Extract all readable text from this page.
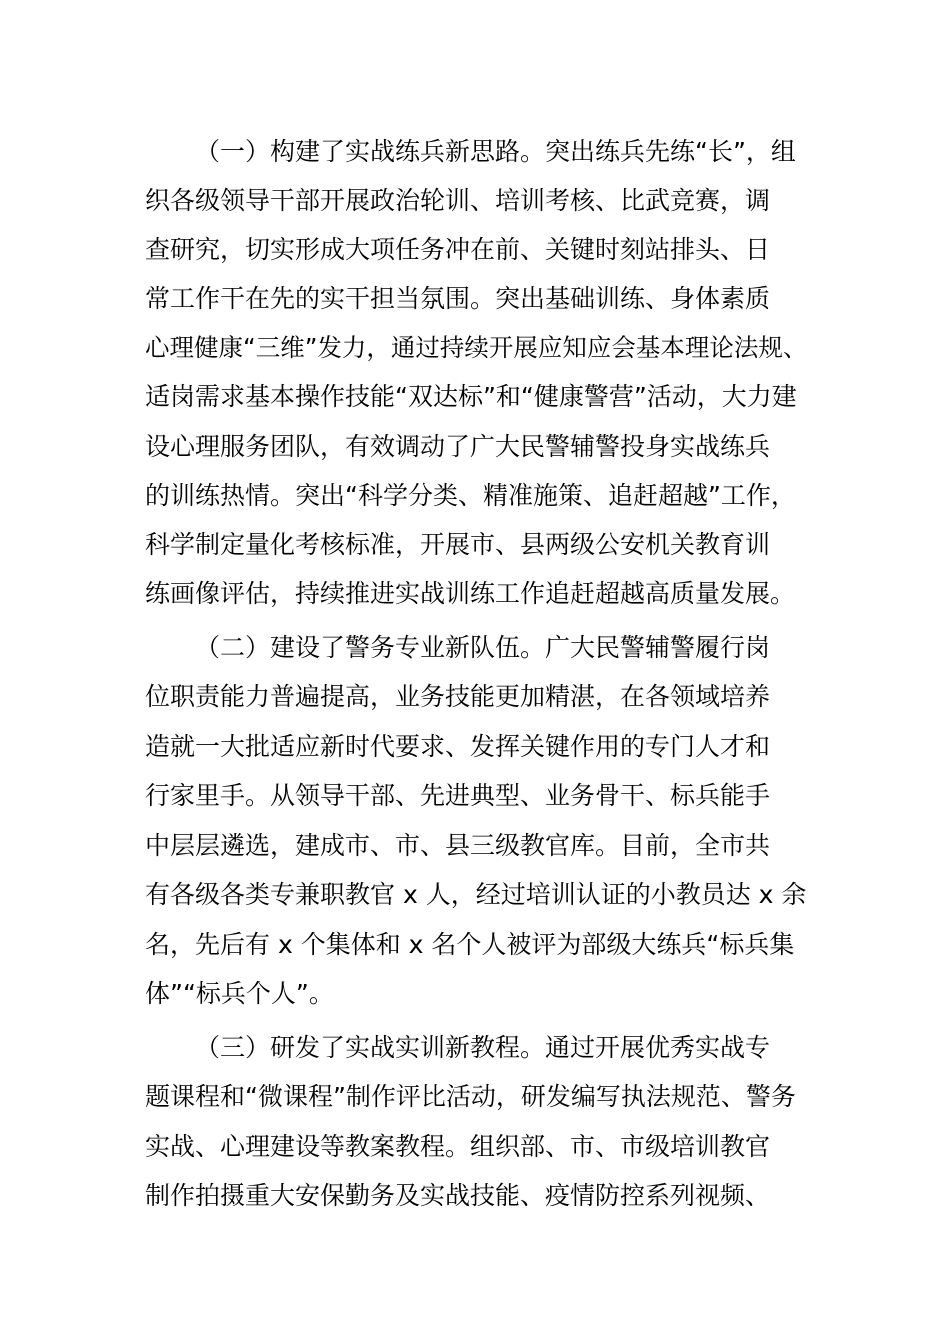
（一）构建了实战练兵新思路。突出练兵先练“长”，组
织各级领导干部开展政治轮训、培训考核、比武竞赛，调
查研究，切实形成大项任务冲在前、关键时刻站排头、日
常工作干在先的实干担当氛围。突出基础训练、身体素质
心理健康“三维”发力，通过持续开展应知应会基本理论法规、
适岗需求基本操作技能“双达标”和“健康警营”活动，大力建
设心理服务团队，有效调动了广大民警辅警投身实战练兵
的训练热情。突出“科学分类、精准施策、追赶超越”工作，
科学制定量化考核标准，开展市、县两级公安机关教育训
练画像评估，持续推进实战训练工作追赶超越高质量发展。
（二）建设了警务专业新队伍。广大民警辅警履行岗
位职责能力普遍提高，业务技能更加精湛，在各领域培养
造就一大批适应新时代要求、发挥关键作用的专门人才和
行家里手。从领导干部、先进典型、业务骨干、标兵能手
中层层遴选，建成市、市、县三级教官库。目前，全市共
有各级各类专兼职教官 x 人，经过培训认证的小教员达 x 余
名，先后有 x 个集体和 x 名个人被评为部级大练兵“标兵集
体”“标兵个人”。
（三）研发了实战实训新教程。通过开展优秀实战专
题课程和“微课程”制作评比活动，研发编写执法规范、警务
实战、心理建设等教案教程。组织部、市、市级培训教官
制作拍摄重大安保勤务及实战技能、疫情防控系列视频、
